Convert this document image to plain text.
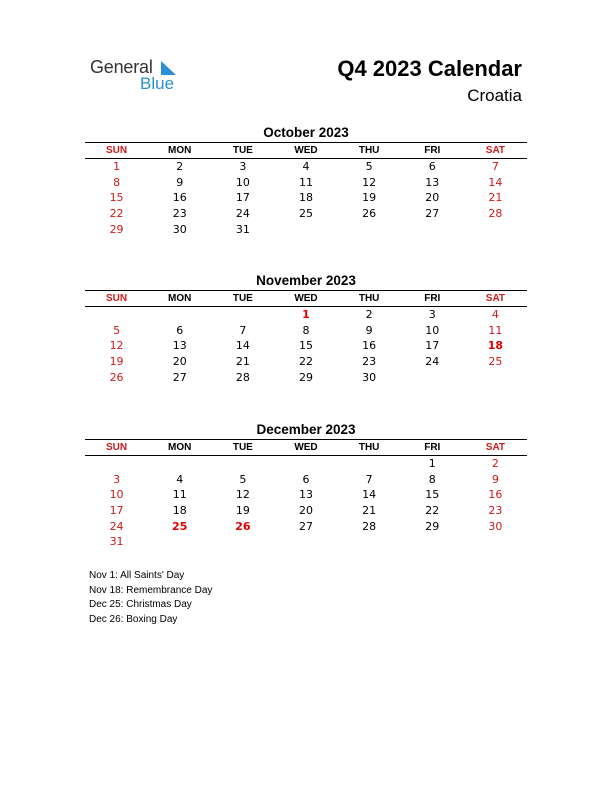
General
Blue
Q4 2023 Calendar
Croatia
October 2023
SUN	MON	TUE	WED	THU	FRI	SAT
1	2	3	4	5	6	7
8	9	10	11	12	13	14
15	16	17	18	19	20	21
22	23	24	25	26	27	28
29	30	31				
November 2023
SUN	MON	TUE	WED	THU	FRI	SAT
			1	2	3	4
5	6	7	8	9	10	11
12	13	14	15	16	17	18
19	20	21	22	23	24	25
26	27	28	29	30		
December 2023
SUN	MON	TUE	WED	THU	FRI	SAT
					1	2
3	4	5	6	7	8	9
10	11	12	13	14	15	16
17	18	19	20	21	22	23
24	25	26	27	28	29	30
31						
Nov 1: All Saints' Day
Nov 18: Remembrance Day
Dec 25: Christmas Day
Dec 26: Boxing Day
